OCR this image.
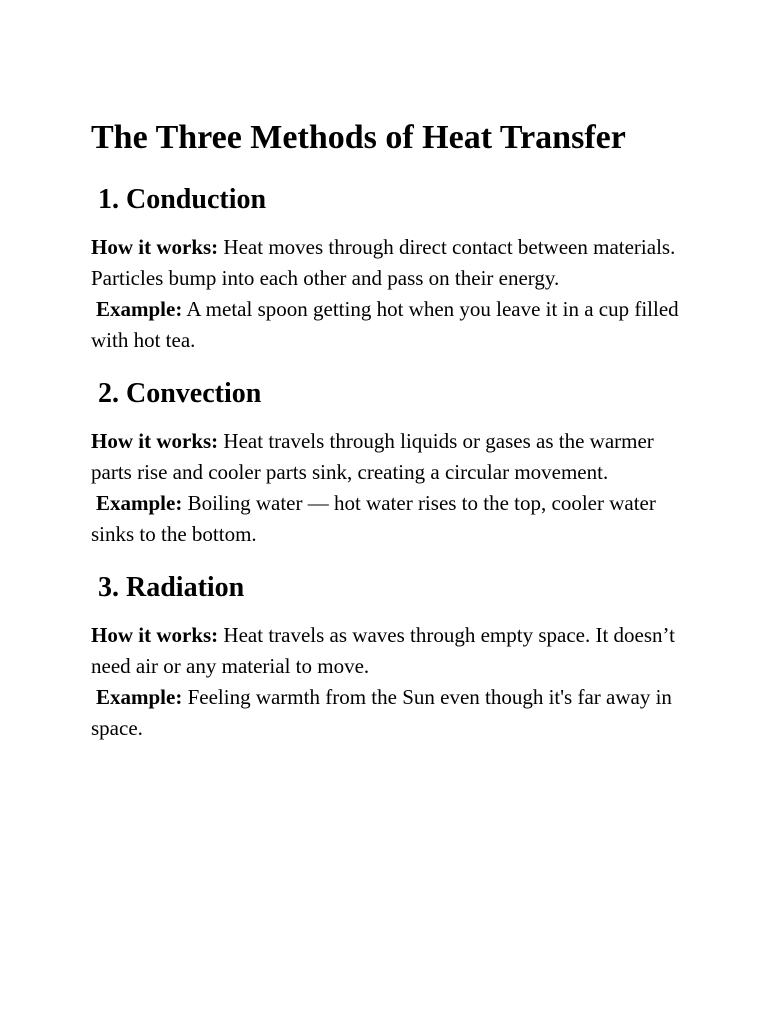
The Three Methods of Heat Transfer
1. Conduction

How it works: Heat moves through direct contact between materials. Particles bump into each other and pass on their energy.
Example: A metal spoon getting hot when you leave it in a cup filled with hot tea.

2. Convection

How it works: Heat travels through liquids or gases as the warmer parts rise and cooler parts sink, creating a circular movement.
Example: Boiling water — hot water rises to the top, cooler water sinks to the bottom.

3. Radiation

How it works: Heat travels as waves through empty space. It doesn’t need air or any material to move.
Example: Feeling warmth from the Sun even though it's far away in space.
